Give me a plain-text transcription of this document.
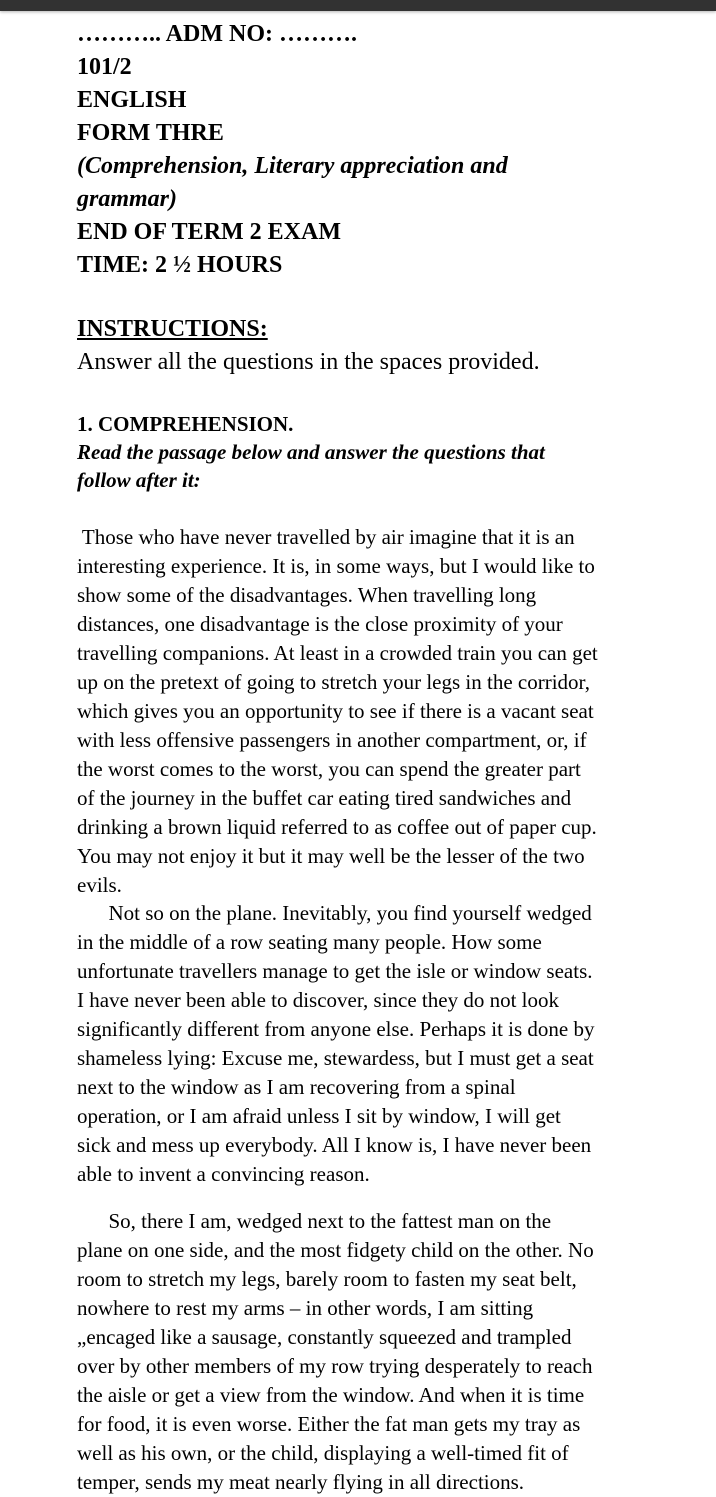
……….. ADM NO: ……….
101/2
ENGLISH
FORM THRE
(Comprehension, Literary appreciation and
grammar)
END OF TERM 2 EXAM
TIME: 2 ½ HOURS
INSTRUCTIONS:
Answer all the questions in the spaces provided.
1. COMPREHENSION.
Read the passage below and answer the questions that
follow after it:
Those who have never travelled by air imagine that it is an
interesting experience. It is, in some ways, but I would like to
show some of the disadvantages. When travelling long
distances, one disadvantage is the close proximity of your
travelling companions. At least in a crowded train you can get
up on the pretext of going to stretch your legs in the corridor,
which gives you an opportunity to see if there is a vacant seat
with less offensive passengers in another compartment, or, if
the worst comes to the worst, you can spend the greater part
of the journey in the buffet car eating tired sandwiches and
drinking a brown liquid referred to as coffee out of paper cup.
You may not enjoy it but it may well be the lesser of the two
evils.
Not so on the plane. Inevitably, you find yourself wedged
in the middle of a row seating many people. How some
unfortunate travellers manage to get the isle or window seats.
I have never been able to discover, since they do not look
significantly different from anyone else. Perhaps it is done by
shameless lying: Excuse me, stewardess, but I must get a seat
next to the window as I am recovering from a spinal
operation, or I am afraid unless I sit by window, I will get
sick and mess up everybody. All I know is, I have never been
able to invent a convincing reason.
So, there I am, wedged next to the fattest man on the
plane on one side, and the most fidgety child on the other. No
room to stretch my legs, barely room to fasten my seat belt,
nowhere to rest my arms – in other words, I am sitting
„encaged like a sausage, constantly squeezed and trampled
over by other members of my row trying desperately to reach
the aisle or get a view from the window. And when it is time
for food, it is even worse. Either the fat man gets my tray as
well as his own, or the child, displaying a well-timed fit of
temper, sends my meat nearly flying in all directions.
